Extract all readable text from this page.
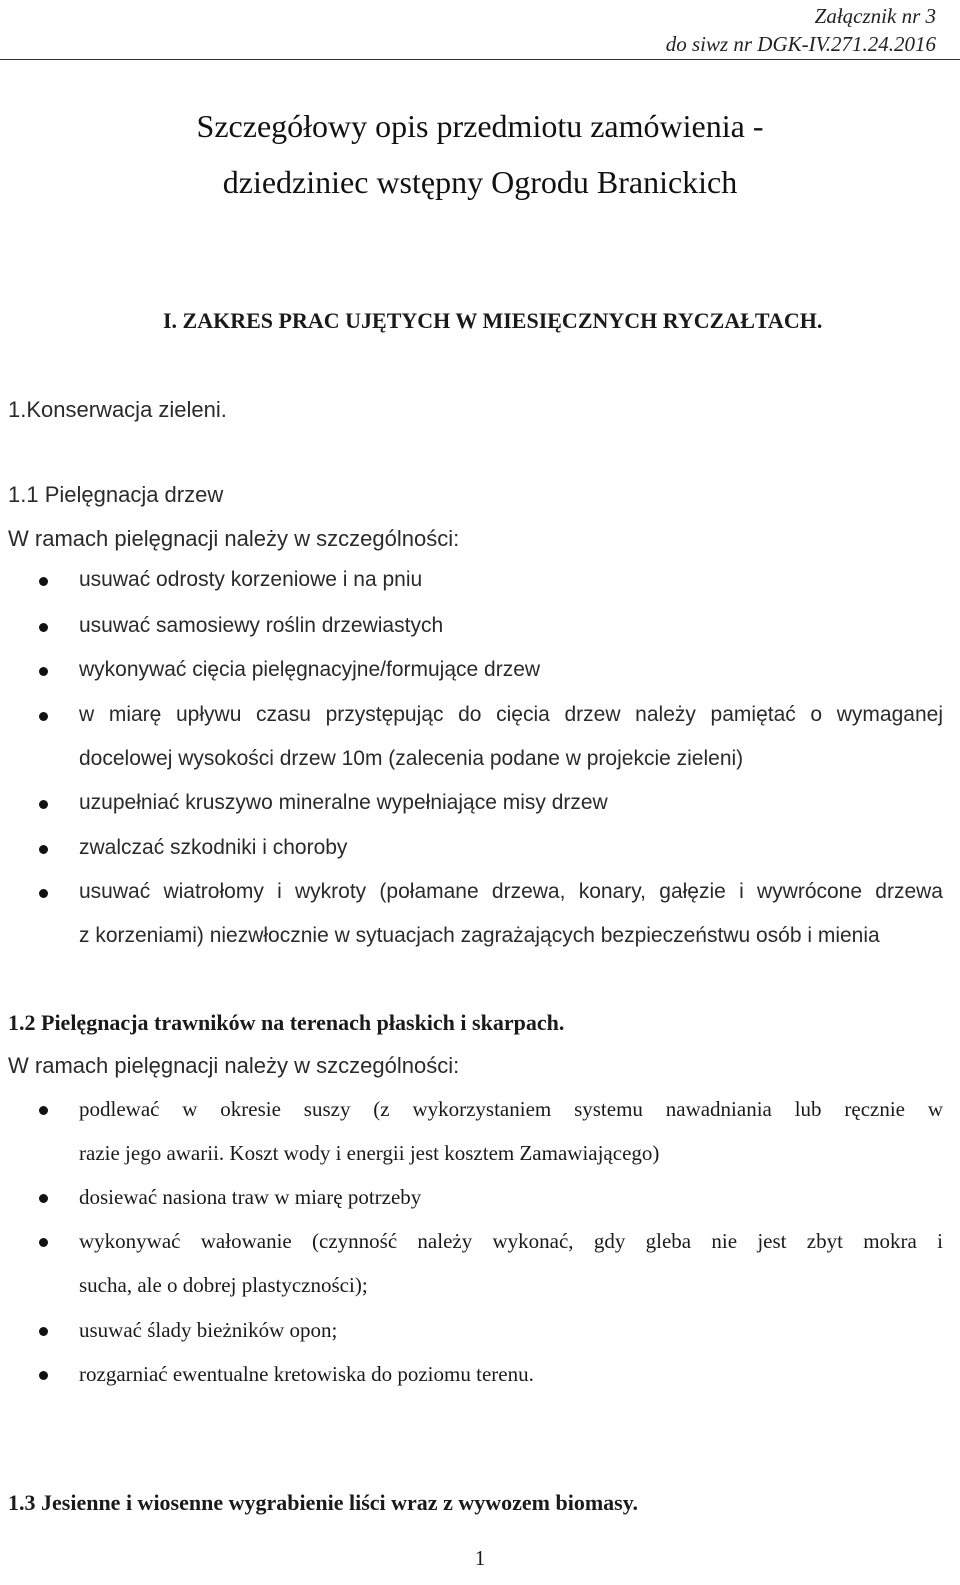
Załącznik nr 3
do siwz nr DGK-IV.271.24.2016
Szczegółowy opis przedmiotu zamówienia -
dziedziniec wstępny Ogrodu Branickich
I. ZAKRES PRAC UJĘTYCH W MIESIĘCZNYCH RYCZAŁTACH.
1.Konserwacja zieleni.
1.1 Pielęgnacja drzew
W ramach pielęgnacji należy w szczególności:
usuwać odrosty korzeniowe i na pniu
usuwać samosiewy roślin drzewiastych
wykonywać cięcia pielęgnacyjne/formujące drzew
w miarę upływu czasu przystępując do cięcia drzew należy pamiętać o wymaganej
docelowej wysokości drzew 10m (zalecenia podane w projekcie zieleni)
uzupełniać kruszywo mineralne wypełniające misy drzew
zwalczać szkodniki i choroby
usuwać wiatrołomy i wykroty (połamane drzewa, konary, gałęzie i wywrócone drzewa
z korzeniami) niezwłocznie w sytuacjach zagrażających bezpieczeństwu osób i mienia
1.2 Pielęgnacja trawników na terenach płaskich i skarpach.
W ramach pielęgnacji należy w szczególności:
podlewać w okresie suszy (z wykorzystaniem systemu nawadniania lub ręcznie w
razie jego awarii. Koszt wody i energii jest kosztem Zamawiającego)
dosiewać nasiona traw w miarę potrzeby
wykonywać wałowanie (czynność należy wykonać, gdy gleba nie jest zbyt mokra i
sucha, ale o dobrej plastyczności);
usuwać ślady bieżników opon;
rozgarniać ewentualne kretowiska do poziomu terenu.
1.3 Jesienne i wiosenne wygrabienie liści wraz z wywozem biomasy.
1
